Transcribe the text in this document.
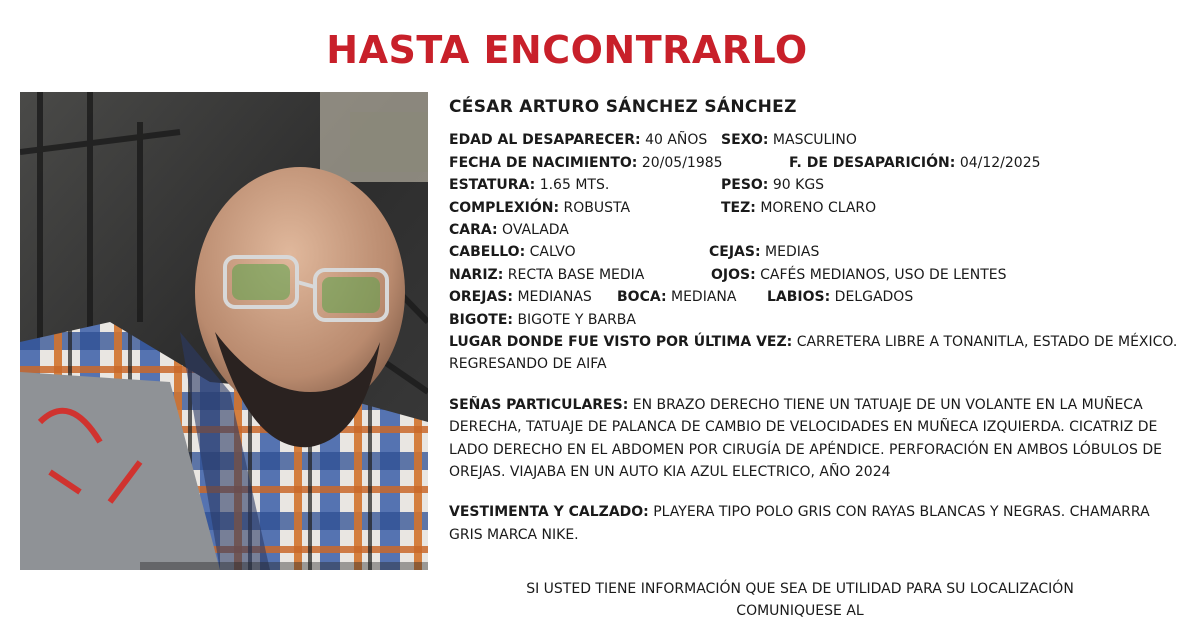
HASTA ENCONTRARLO
CÉSAR ARTURO SÁNCHEZ SÁNCHEZ
EDAD AL DESAPARECER: 40 AÑOS SEXO: MASCULINO
FECHA DE NACIMIENTO: 20/05/1985	F. DE DESAPARICIÓN: 04/12/2025
ESTATURA: 1.65 MTS.	PESO: 90 KGS
COMPLEXIÓN: ROBUSTA	TEZ: MORENO CLARO
CARA: OVALADA
CABELLO: CALVO	CEJAS: MEDIAS
NARIZ: RECTA BASE MEDIA	OJOS: CAFÉS MEDIANOS, USO DE LENTES
OREJAS: MEDIANAS BOCA: MEDIANA LABIOS: DELGADOS
BIGOTE: BIGOTE Y BARBA
LUGAR DONDE FUE VISTO POR ÚLTIMA VEZ: CARRETERA LIBRE A TONANITLA, ESTADO DE MÉXICO. REGRESANDO DE AIFA
SEÑAS PARTICULARES: EN BRAZO DERECHO TIENE UN TATUAJE DE UN VOLANTE EN LA MUÑECA DERECHA, TATUAJE DE PALANCA DE CAMBIO DE VELOCIDADES EN MUÑECA IZQUIERDA. CICATRIZ DE LADO DERECHO EN EL ABDOMEN POR CIRUGÍA DE APÉNDICE. PERFORACIÓN EN AMBOS LÓBULOS DE OREJAS. VIAJABA EN UN AUTO KIA AZUL ELECTRICO, AÑO 2024
VESTIMENTA Y CALZADO: PLAYERA TIPO POLO GRIS CON RAYAS BLANCAS Y NEGRAS. CHAMARRA GRIS MARCA NIKE.
SI USTED TIENE INFORMACIÓN QUE SEA DE UTILIDAD PARA SU LOCALIZACIÓN
COMUNIQUESE AL
